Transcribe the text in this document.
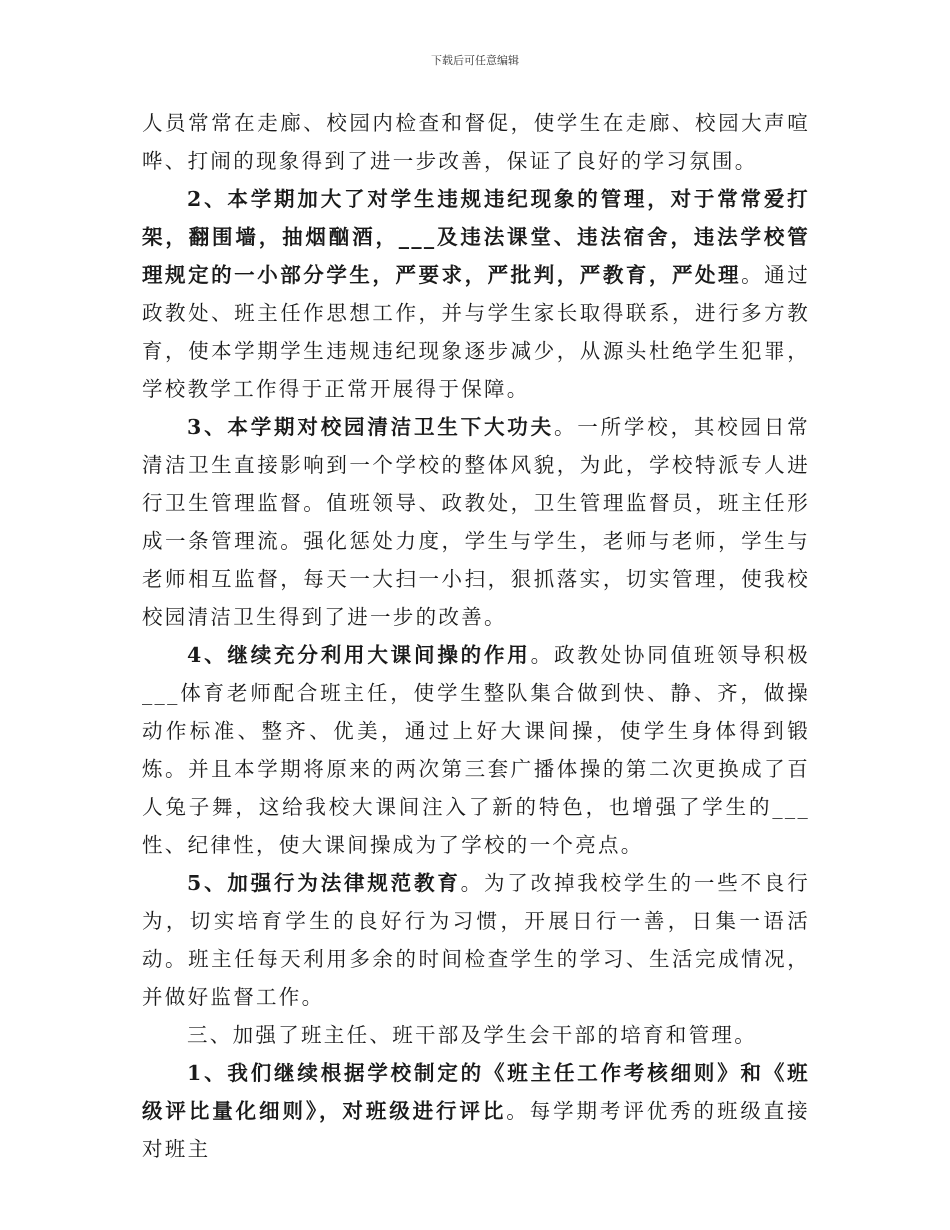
下载后可任意编辑

人员常常在走廊、校园内检查和督促，使学生在走廊、校园大声喧哗、打闹的现象得到了进一步改善，保证了良好的学习氛围。

2、本学期加大了对学生违规违纪现象的管理，对于常常爱打架，翻围墙，抽烟酗酒，___及违法课堂、违法宿舍，违法学校管理规定的一小部分学生，严要求，严批判，严教育，严处理。通过政教处、班主任作思想工作，并与学生家长取得联系，进行多方教育，使本学期学生违规违纪现象逐步减少，从源头杜绝学生犯罪，学校教学工作得于正常开展得于保障。

3、本学期对校园清洁卫生下大功夫。一所学校，其校园日常清洁卫生直接影响到一个学校的整体风貌，为此，学校特派专人进行卫生管理监督。值班领导、政教处，卫生管理监督员，班主任形成一条管理流。强化惩处力度，学生与学生，老师与老师，学生与老师相互监督，每天一大扫一小扫，狠抓落实，切实管理，使我校校园清洁卫生得到了进一步的改善。

4、继续充分利用大课间操的作用。政教处协同值班领导积极___体育老师配合班主任，使学生整队集合做到快、静、齐，做操动作标准、整齐、优美，通过上好大课间操，使学生身体得到锻炼。并且本学期将原来的两次第三套广播体操的第二次更换成了百人兔子舞，这给我校大课间注入了新的特色，也增强了学生的___性、纪律性，使大课间操成为了学校的一个亮点。

5、加强行为法律规范教育。为了改掉我校学生的一些不良行为，切实培育学生的良好行为习惯，开展日行一善，日集一语活动。班主任每天利用多余的时间检查学生的学习、生活完成情况，并做好监督工作。

三、加强了班主任、班干部及学生会干部的培育和管理。

1、我们继续根据学校制定的《班主任工作考核细则》和《班级评比量化细则》，对班级进行评比。每学期考评优秀的班级直接对班主
